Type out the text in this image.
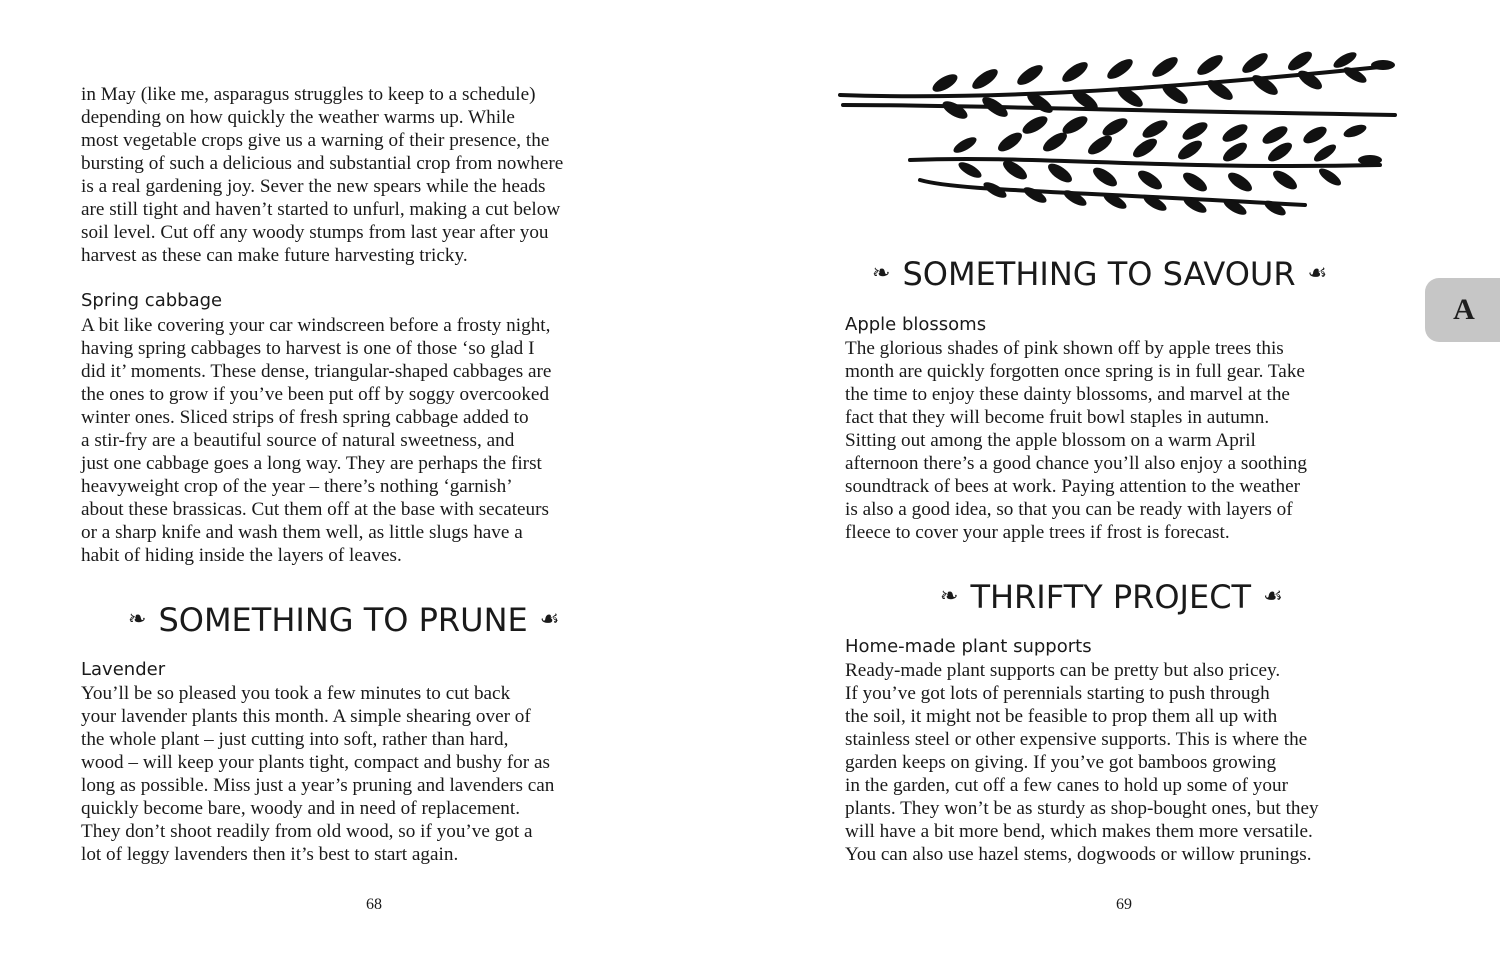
in May (like me, asparagus struggles to keep to a schedule)
depending on how quickly the weather warms up. While
most vegetable crops give us a warning of their presence, the
bursting of such a delicious and substantial crop from nowhere
is a real gardening joy. Sever the new spears while the heads
are still tight and haven’t started to unfurl, making a cut below
soil level. Cut off any woody stumps from last year after you
harvest as these can make future harvesting tricky.

Spring cabbage

A bit like covering your car windscreen before a frosty night,
having spring cabbages to harvest is one of those ‘so glad I
did it’ moments. These dense, triangular-shaped cabbages are
the ones to grow if you’ve been put off by soggy overcooked
winter ones. Sliced strips of fresh spring cabbage added to
a stir-fry are a beautiful source of natural sweetness, and
just one cabbage goes a long way. They are perhaps the first
heavyweight crop of the year – there’s nothing ‘garnish’
about these brassicas. Cut them off at the base with secateurs
or a sharp knife and wash them well, as little slugs have a
habit of hiding inside the layers of leaves.

❧ SOMETHING TO PRUNE ☙

Lavender

You’ll be so pleased you took a few minutes to cut back
your lavender plants this month. A simple shearing over of
the whole plant – just cutting into soft, rather than hard,
wood – will keep your plants tight, compact and bushy for as
long as possible. Miss just a year’s pruning and lavenders can
quickly become bare, woody and in need of replacement.
They don’t shoot readily from old wood, so if you’ve got a
lot of leggy lavenders then it’s best to start again.

68

❧ SOMETHING TO SAVOUR ☙

Apple blossoms

The glorious shades of pink shown off by apple trees this
month are quickly forgotten once spring is in full gear. Take
the time to enjoy these dainty blossoms, and marvel at the
fact that they will become fruit bowl staples in autumn.
Sitting out among the apple blossom on a warm April
afternoon there’s a good chance you’ll also enjoy a soothing
soundtrack of bees at work. Paying attention to the weather
is also a good idea, so that you can be ready with layers of
fleece to cover your apple trees if frost is forecast.

❧ THRIFTY PROJECT ☙

Home-made plant supports

Ready-made plant supports can be pretty but also pricey.
If you’ve got lots of perennials starting to push through
the soil, it might not be feasible to prop them all up with
stainless steel or other expensive supports. This is where the
garden keeps on giving. If you’ve got bamboos growing
in the garden, cut off a few canes to hold up some of your
plants. They won’t be as sturdy as shop-bought ones, but they
will have a bit more bend, which makes them more versatile.
You can also use hazel stems, dogwoods or willow prunings.

69

A
